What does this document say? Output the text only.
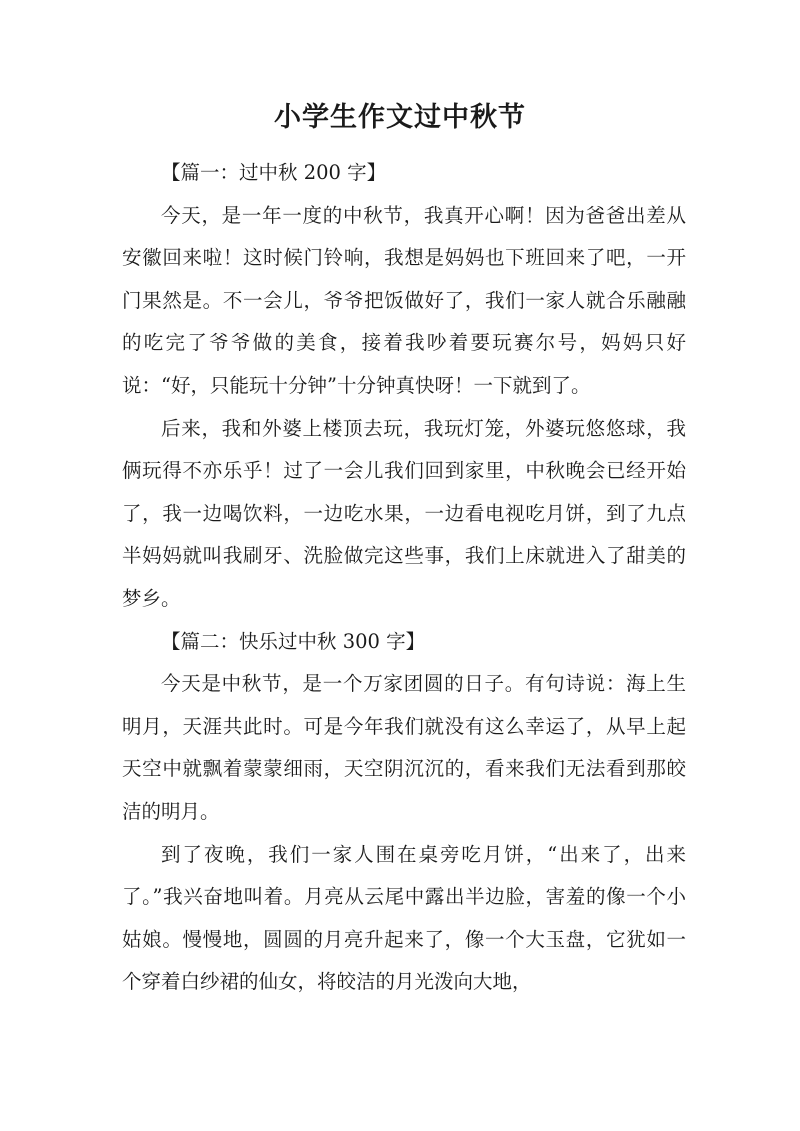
小学生作文过中秋节

【篇一：过中秋 200 字】

今天，是一年一度的中秋节，我真开心啊！因为爸爸出差从安徽回来啦！这时候门铃响，我想是妈妈也下班回来了吧，一开门果然是。不一会儿，爷爷把饭做好了，我们一家人就合乐融融的吃完了爷爷做的美食，接着我吵着要玩赛尔号，妈妈只好说：“好，只能玩十分钟”十分钟真快呀！一下就到了。

后来，我和外婆上楼顶去玩，我玩灯笼，外婆玩悠悠球，我俩玩得不亦乐乎！过了一会儿我们回到家里，中秋晚会已经开始了，我一边喝饮料，一边吃水果，一边看电视吃月饼，到了九点半妈妈就叫我刷牙、洗脸做完这些事，我们上床就进入了甜美的梦乡。

【篇二：快乐过中秋 300 字】

今天是中秋节，是一个万家团圆的日子。有句诗说：海上生明月，天涯共此时。可是今年我们就没有这么幸运了，从早上起天空中就飘着蒙蒙细雨，天空阴沉沉的，看来我们无法看到那皎洁的明月。

到了夜晚，我们一家人围在桌旁吃月饼，“出来了，出来了。”我兴奋地叫着。月亮从云尾中露出半边脸，害羞的像一个小姑娘。慢慢地，圆圆的月亮升起来了，像一个大玉盘，它犹如一个穿着白纱裙的仙女，将皎洁的月光泼向大地，
